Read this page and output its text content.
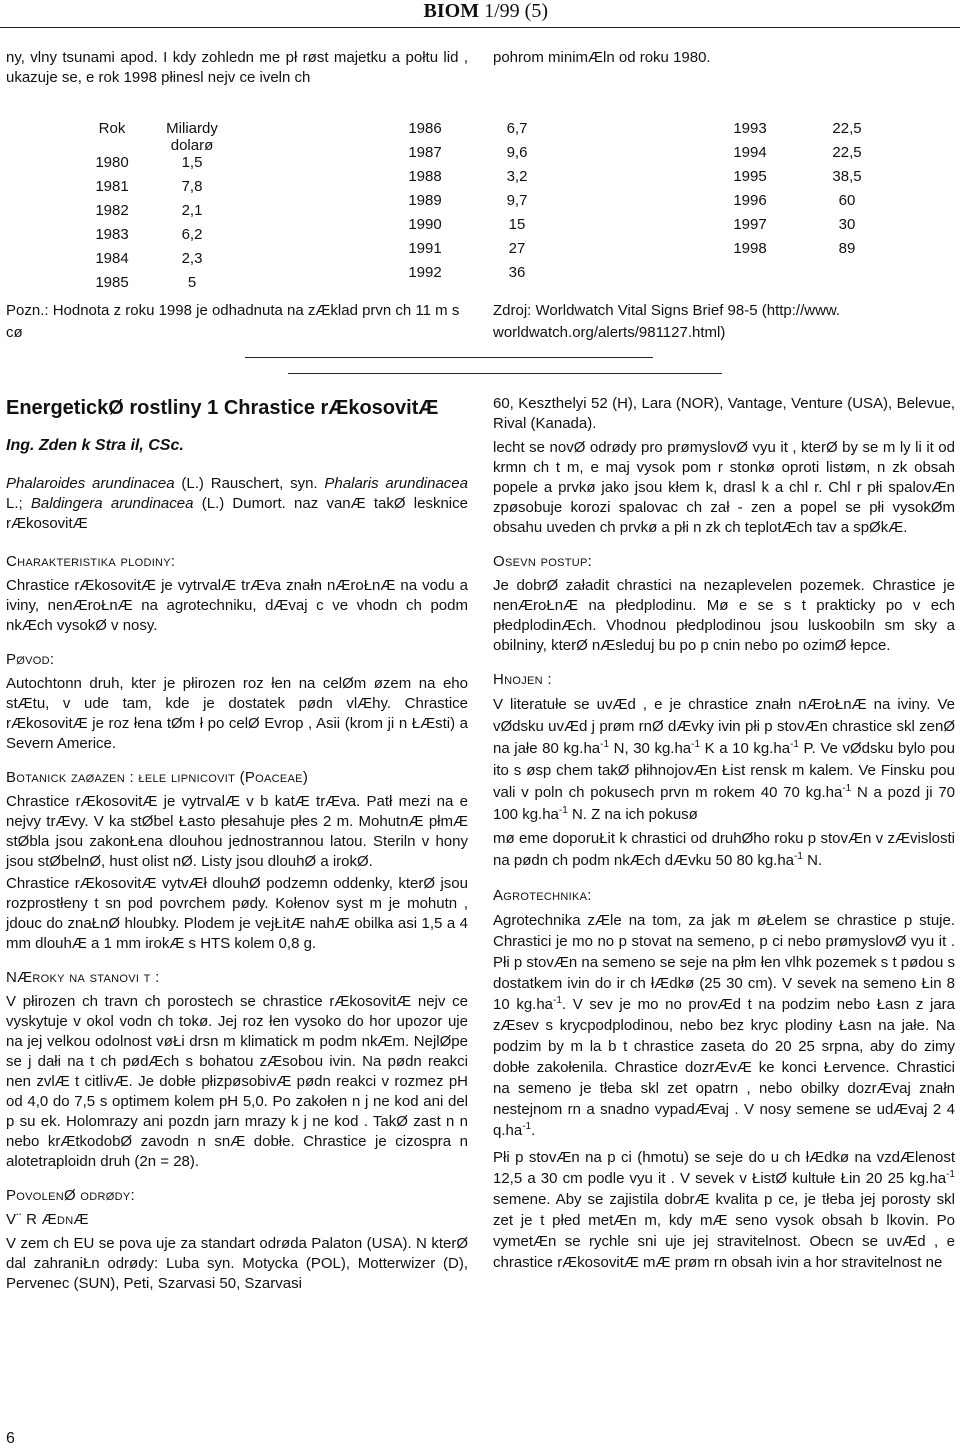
BIOM 1/99 (5)
ny, vlny tsunami apod. I kdy zohledn me pł røst majetku a połtu lid , ukazuje se, e rok 1998 płinesl nejv ce iveln ch
pohrom minimÆln od roku 1980.
Rok	Miliardy dolarø
1980	1,5
1981	7,8
1982	2,1
1983	6,2
1984	2,3
1985	5
1986	6,7
1987	9,6
1988	3,2
1989	9,7
1990	15
1991	27
1992	36
1993	22,5
1994	22,5
1995	38,5
1996	60
1997	30
1998	89
Pozn.: Hodnota z roku 1998 je odhadnuta na zÆklad prvn ch 11 m s cø
Zdroj: Worldwatch Vital Signs Brief 98-5 (http://www. worldwatch.org/alerts/981127.html)
EnergetickØ rostliny 1 Chrastice rÆkosovitÆ
Ing. Zden k Stra il, CSc.

Phalaroides arundinacea (L.) Rauschert, syn. Phalaris arundinacea L.; Baldingera arundinacea (L.) Dumort. naz vanÆ takØ lesknice rÆkosovitÆ

Charakteristika plodiny:

Chrastice rÆkosovitÆ je vytrvalÆ trÆva znałn nÆroŁnÆ na vodu a iviny, nenÆroŁnÆ na agrotechniku, dÆvaj c ve vhodn ch podm nkÆch vysokØ v nosy.

Pøvod:

Autochtonn druh, kter je płirozen roz łen na celØm øzem na eho stÆtu, v ude tam, kde je dostatek pødn vlÆhy. Chrastice rÆkosovitÆ je roz łena tØm ł po celØ Evrop , Asii (krom ji n ŁÆsti) a Severn Americe.

Botanick zaøazen : łele lipnicovit (Poaceae)

Chrastice rÆkosovitÆ je vytrvalÆ v b katÆ trÆva. Patł mezi na e nejvy trÆvy. V ka stØbel Łasto płesahuje płes 2 m. MohutnÆ płmÆ stØbla jsou zakonŁena dlouhou jednostrannou latou. Steriln v hony jsou stØbelnØ, hust olist nØ. Listy jsou dlouhØ a irokØ.

Chrastice rÆkosovitÆ vytvÆł dlouhØ podzemn oddenky, kterØ jsou rozprostłeny t sn pod povrchem pødy. Kołenov syst m je mohutn , jdouc do znaŁnØ hloubky. Plodem je vejŁitÆ nahÆ obilka asi 1,5 a 4 mm dlouhÆ a 1 mm irokÆ s HTS kolem 0,8 g.

NÆroky na stanovi t :

V płirozen ch travn ch porostech se chrastice rÆkosovitÆ nejv ce vyskytuje v okol vodn ch tokø. Jej roz łen vysoko do hor upozor uje na jej velkou odolnost vøŁi drsn m klimatick m podm nkÆm. NejlØpe se j dałi na t ch pødÆch s bohatou zÆsobou ivin. Na pødn reakci nen zvlÆ t citlivÆ. Je dobłe płizpøsobivÆ pødn reakci v rozmez pH od 4,0 do 7,5 s optimem kolem pH 5,0. Po zakołen n j ne kod ani del p su ek. Holomrazy ani pozdn jarn mrazy k j ne kod . TakØ zast n n nebo krÆtkodobØ zavodn n snÆ dobłe. Chrastice je cizospra n alotetraploidn druh (2n = 28).

PovolenØ odrødy:
V¨ R ÆdnÆ

V zem ch EU se pova uje za standart odrøda Palaton (USA). N kterØ dal zahraniŁn odrødy: Luba syn. Motycka (POL), Motterwizer (D), Pervenec (SUN), Peti, Szarvasi 50, Szarvasi

60, Keszthelyi 52 (H), Lara (NOR), Vantage, Venture (USA), Belevue, Rival (Kanada).

lecht se novØ odrødy pro prømyslovØ vyu it , kterØ by se m ly li it od krmn ch t m, e maj vysok pom r stonkø oproti listøm, n zk obsah popele a prvkø jako jsou kłem k, drasl k a chl r. Chl r płi spalovÆn zpøsobuje korozi spalovac ch zał - zen a popel se płi vysokØm obsahu uveden ch prvkø a płi n zk ch teplotÆch tav a spØkÆ.

Osevn postup:

Je dobrØ załadit chrastici na nezaplevelen pozemek. Chrastice je nenÆroŁnÆ na płedplodinu. Mø e se s t prakticky po v ech płedplodinÆch. Vhodnou płedplodinou jsou luskoobiln sm sky a obilniny, kterØ nÆsleduj bu po p cnin nebo po ozimØ łepce.

Hnojen :

V literatułe se uvÆd , e je chrastice znałn nÆroŁnÆ na iviny. Ve vØdsku uvÆd j prøm rnØ dÆvky ivin płi p stovÆn chrastice skl zenØ na jałe 80 $kg.ha^{-1}$ N, 30 $kg.ha^{-1}$ K a 10 $kg.ha^{-1}$ P. Ve vØdsku bylo pou ito s øsp chem takØ płihnojovÆn Łist rensk m kalem. Ve Finsku pou vali v poln ch pokusech prvn m rokem 40 70 $kg.ha^{-1}$ N a pozd ji 70 100 $kg.ha^{-1}$ N. Z na ich pokusø

mø eme doporuŁit k chrastici od druhØho roku p stovÆn v zÆvislosti na pødn ch podm nkÆch dÆvku 50 80 $kg.ha^{-1}$ N.

Agrotechnika:

Agrotechnika zÆle na tom, za jak m øŁelem se chrastice p stuje. Chrastici je mo no p stovat na semeno, p ci nebo prømyslovØ vyu it . Płi p stovÆn na semeno se seje na płm łen vlhk pozemek s t pødou s dostatkem ivin do ir ch łÆdkø (25 30 cm). V sevek na semeno Łin 8 10 $kg.ha^{-1}$. V sev je mo no provÆd t na podzim nebo Łasn z jara zÆsev s krycpodplodinou, nebo bez kryc plodiny Łasn na jałe. Na podzim by m la b t chrastice zaseta do 20 25 srpna, aby do zimy dobłe zakołenila. Chrastice dozrÆvÆ ke konci Łervence. Chrastici na semeno je tłeba skl zet opatrn , nebo obilky dozrÆvaj znałn nestejnom rn a snadno vypadÆvaj . V nosy semene se udÆvaj 2 4 $q.ha^{-1}$.

Płi p stovÆn na p ci (hmotu) se seje do u ch łÆdkø na vzdÆlenost 12,5 a 30 cm podle vyu it . V sevek v ŁistØ kultułe Łin 20 25 $kg.ha^{-1}$ semene. Aby se zajistila dobrÆ kvalita p ce, je tłeba jej porosty skl zet je t płed metÆn m, kdy mÆ seno vysok obsah b lkovin. Po vymetÆn se rychle sni uje jej stravitelnost. Obecn se uvÆd , e chrastice rÆkosovitÆ mÆ prøm rn obsah ivin a hor stravitelnost ne

6
